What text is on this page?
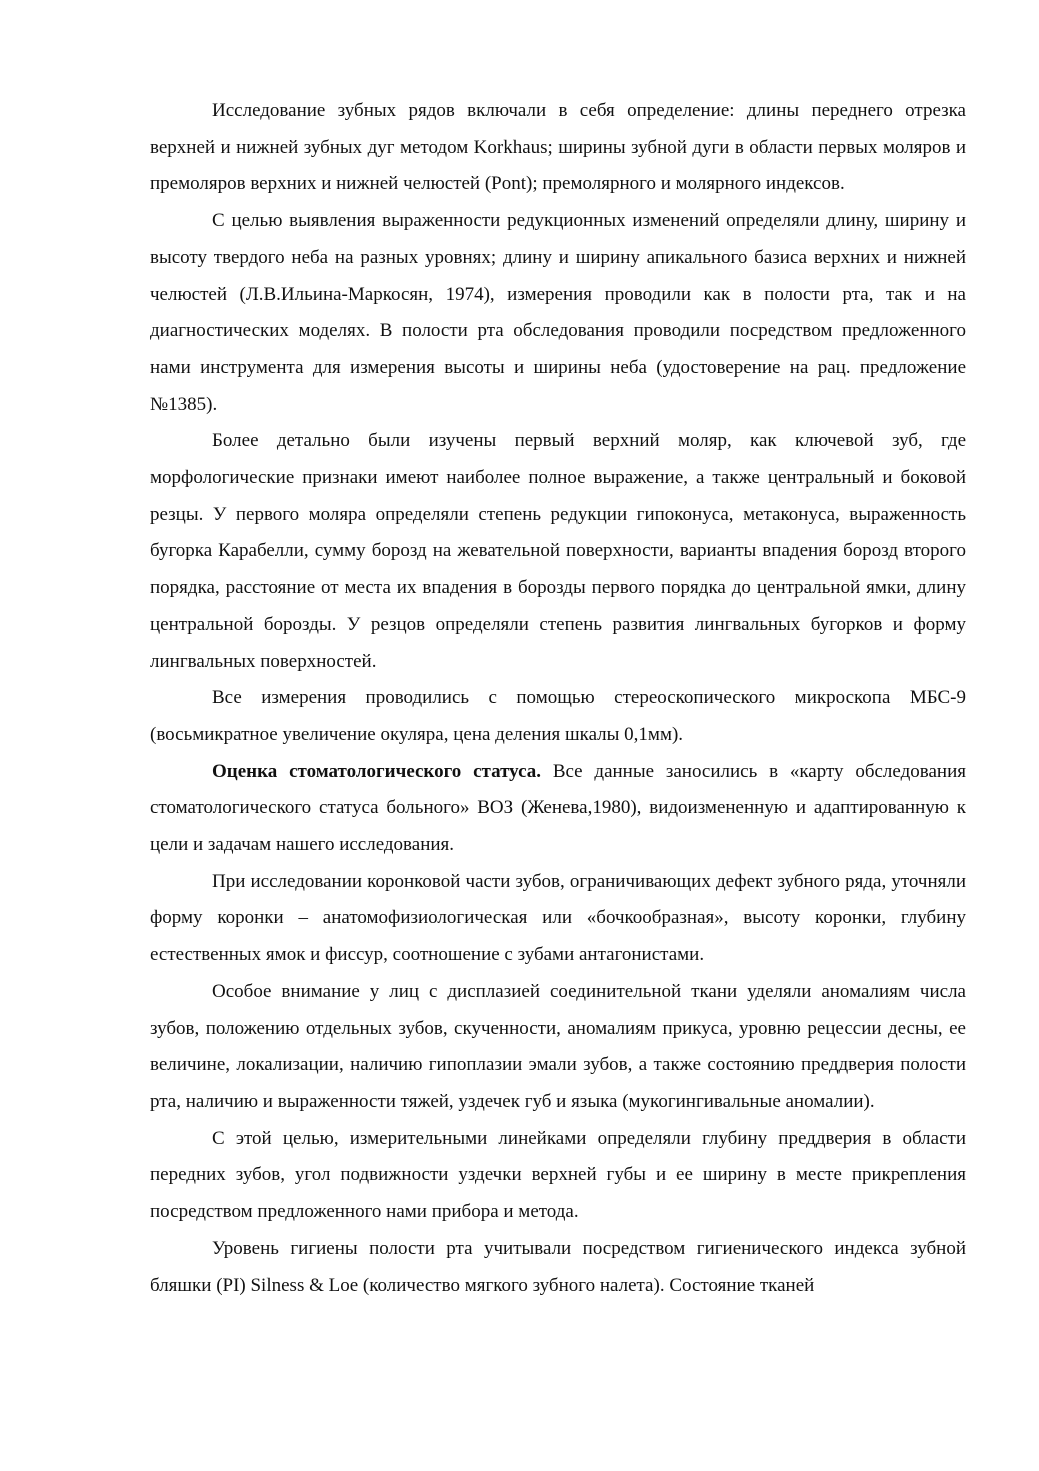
Исследование зубных рядов включали в себя определение: длины переднего отрезка верхней и нижней зубных дуг методом Korkhaus; ширины зубной дуги в области первых моляров и премоляров верхних и нижней челюстей (Pont); премолярного и молярного индексов.

С целью выявления выраженности редукционных изменений определяли длину, ширину и высоту твердого неба на разных уровнях; длину и ширину апикального базиса верхних и нижней челюстей (Л.В.Ильина-Маркосян, 1974), измерения проводили как в полости рта, так и на диагностических моделях. В полости рта обследования проводили посредством предложенного нами инструмента для измерения высоты и ширины неба (удостоверение на рац. предложение №1385).

Более детально были изучены первый верхний моляр, как ключевой зуб, где морфологические признаки имеют наиболее полное выражение, а также центральный и боковой резцы. У первого моляра определяли степень редукции гипоконуса, метаконуса, выраженность бугорка Карабелли, сумму борозд на жевательной поверхности, варианты впадения борозд второго порядка, расстояние от места их впадения в борозды первого порядка до центральной ямки, длину центральной борозды. У резцов определяли степень развития лингвальных бугорков и форму лингвальных поверхностей.

Все измерения проводились с помощью стереоскопического микроскопа МБС-9 (восьмикратное увеличение окуляра, цена деления шкалы 0,1мм).

Оценка стоматологического статуса. Все данные заносились в «карту обследования стоматологического статуса больного» ВОЗ (Женева,1980), видоизмененную и адаптированную к цели и задачам нашего исследования.

При исследовании коронковой части зубов, ограничивающих дефект зубного ряда, уточняли форму коронки – анатомофизиологическая или «бочкообразная», высоту коронки, глубину естественных ямок и фиссур, соотношение с зубами антагонистами.

Особое внимание у лиц с дисплазией соединительной ткани уделяли аномалиям числа зубов, положению отдельных зубов, скученности, аномалиям прикуса, уровню рецессии десны, ее величине, локализации, наличию гипоплазии эмали зубов, а также состоянию преддверия полости рта, наличию и выраженности тяжей, уздечек губ и языка (мукогингивальные аномалии).

С этой целью, измерительными линейками определяли глубину преддверия в области передних зубов, угол подвижности уздечки верхней губы и ее ширину в месте прикрепления посредством предложенного нами прибора и метода.

Уровень гигиены полости рта учитывали посредством гигиенического индекса зубной бляшки (PI) Silness & Loe (количество мягкого зубного налета). Состояние тканей
